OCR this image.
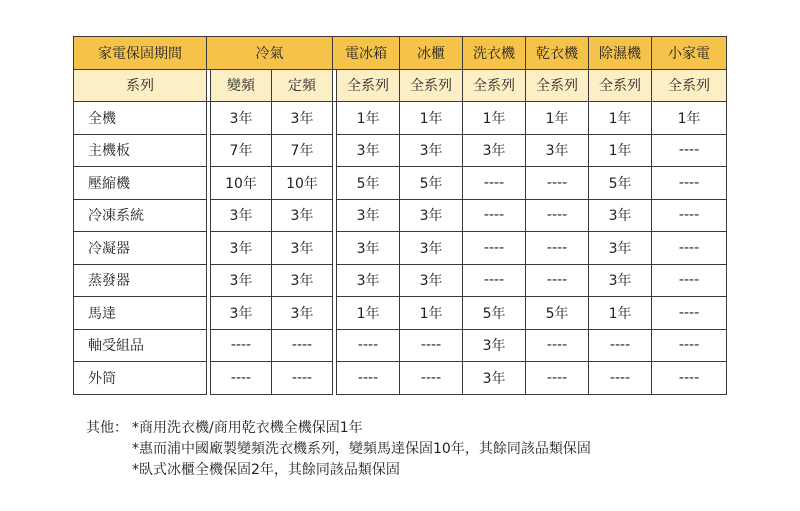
家電保固期間	冷氣			電冰箱		冰櫃	洗衣機	乾衣機	除濕機	小家電
系列		變頻	定頻		全系列	全系列	全系列	全系列	全系列	全系列
全機		3年	3年		1年	1年	1年	1年	1年	1年
主機板		7年	7年		3年	3年	3年	3年	1年	----
壓縮機		10年	10年		5年	5年	----	----	5年	----
冷凍系統		3年	3年		3年	3年	----	----	3年	----
冷凝器		3年	3年		3年	3年	----	----	3年	----
蒸發器		3年	3年		3年	3年	----	----	3年	----
馬達		3年	3年		1年	1年	5年	5年	1年	----
軸受組品		----	----		----	----	3年	----	----	----
外筒		----	----		----	----	3年	----	----	----
其他： *商用洗衣機/商用乾衣機全機保固1年
*惠而浦中國廠製變頻洗衣機系列，變頻馬達保固10年，其餘同該品類保固
*臥式冰櫃全機保固2年，其餘同該品類保固
